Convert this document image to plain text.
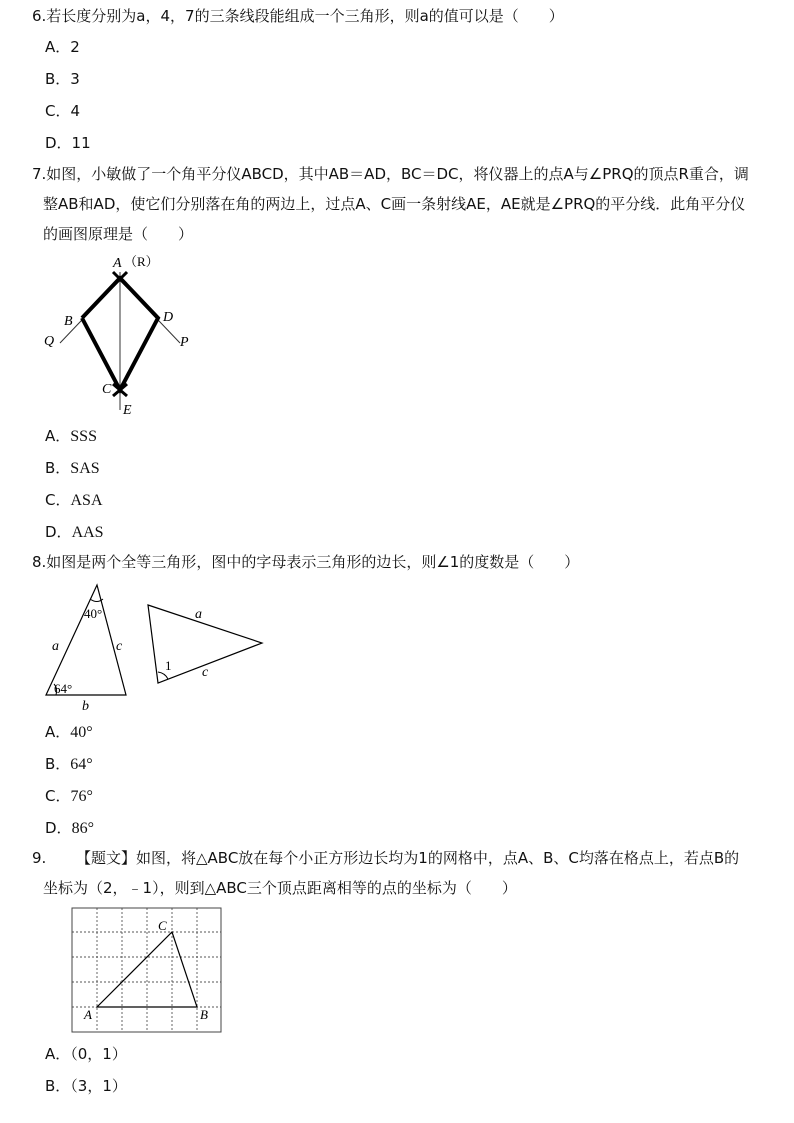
6.若长度分别为a，4，7的三条线段能组成一个三角形，则a的值可以是（　　）

A．2
B．3
C．4
D．11
7.如图，小敏做了一个角平分仪ABCD，其中AB＝AD，BC＝DC，将仪器上的点A与∠PRQ的顶点R重合，调
整AB和AD，使它们分别落在角的两边上，过点A、C画一条射线AE，AE就是∠PRQ的平分线．此角平分仪
的画图原理是（　　）
A （R）
B	D
Q	P
C
E
A．SSS
B．SAS
C．ASA
D．AAS

8.如图是两个全等三角形，图中的字母表示三角形的边长，则∠1的度数是（　　）

40°
64°
a	c
b
a
c
1
A．40°
B．64°
C．76°
D．86°
9. 【题文】如图，将△ABC放在每个小正方形边长均为1的网格中，点A、B、C均落在格点上，若点B的
坐标为（2，﹣1），则到△ABC三个顶点距离相等的点的坐标为（　　）
A	B
C
A．（0，1）
B．（3，1）
